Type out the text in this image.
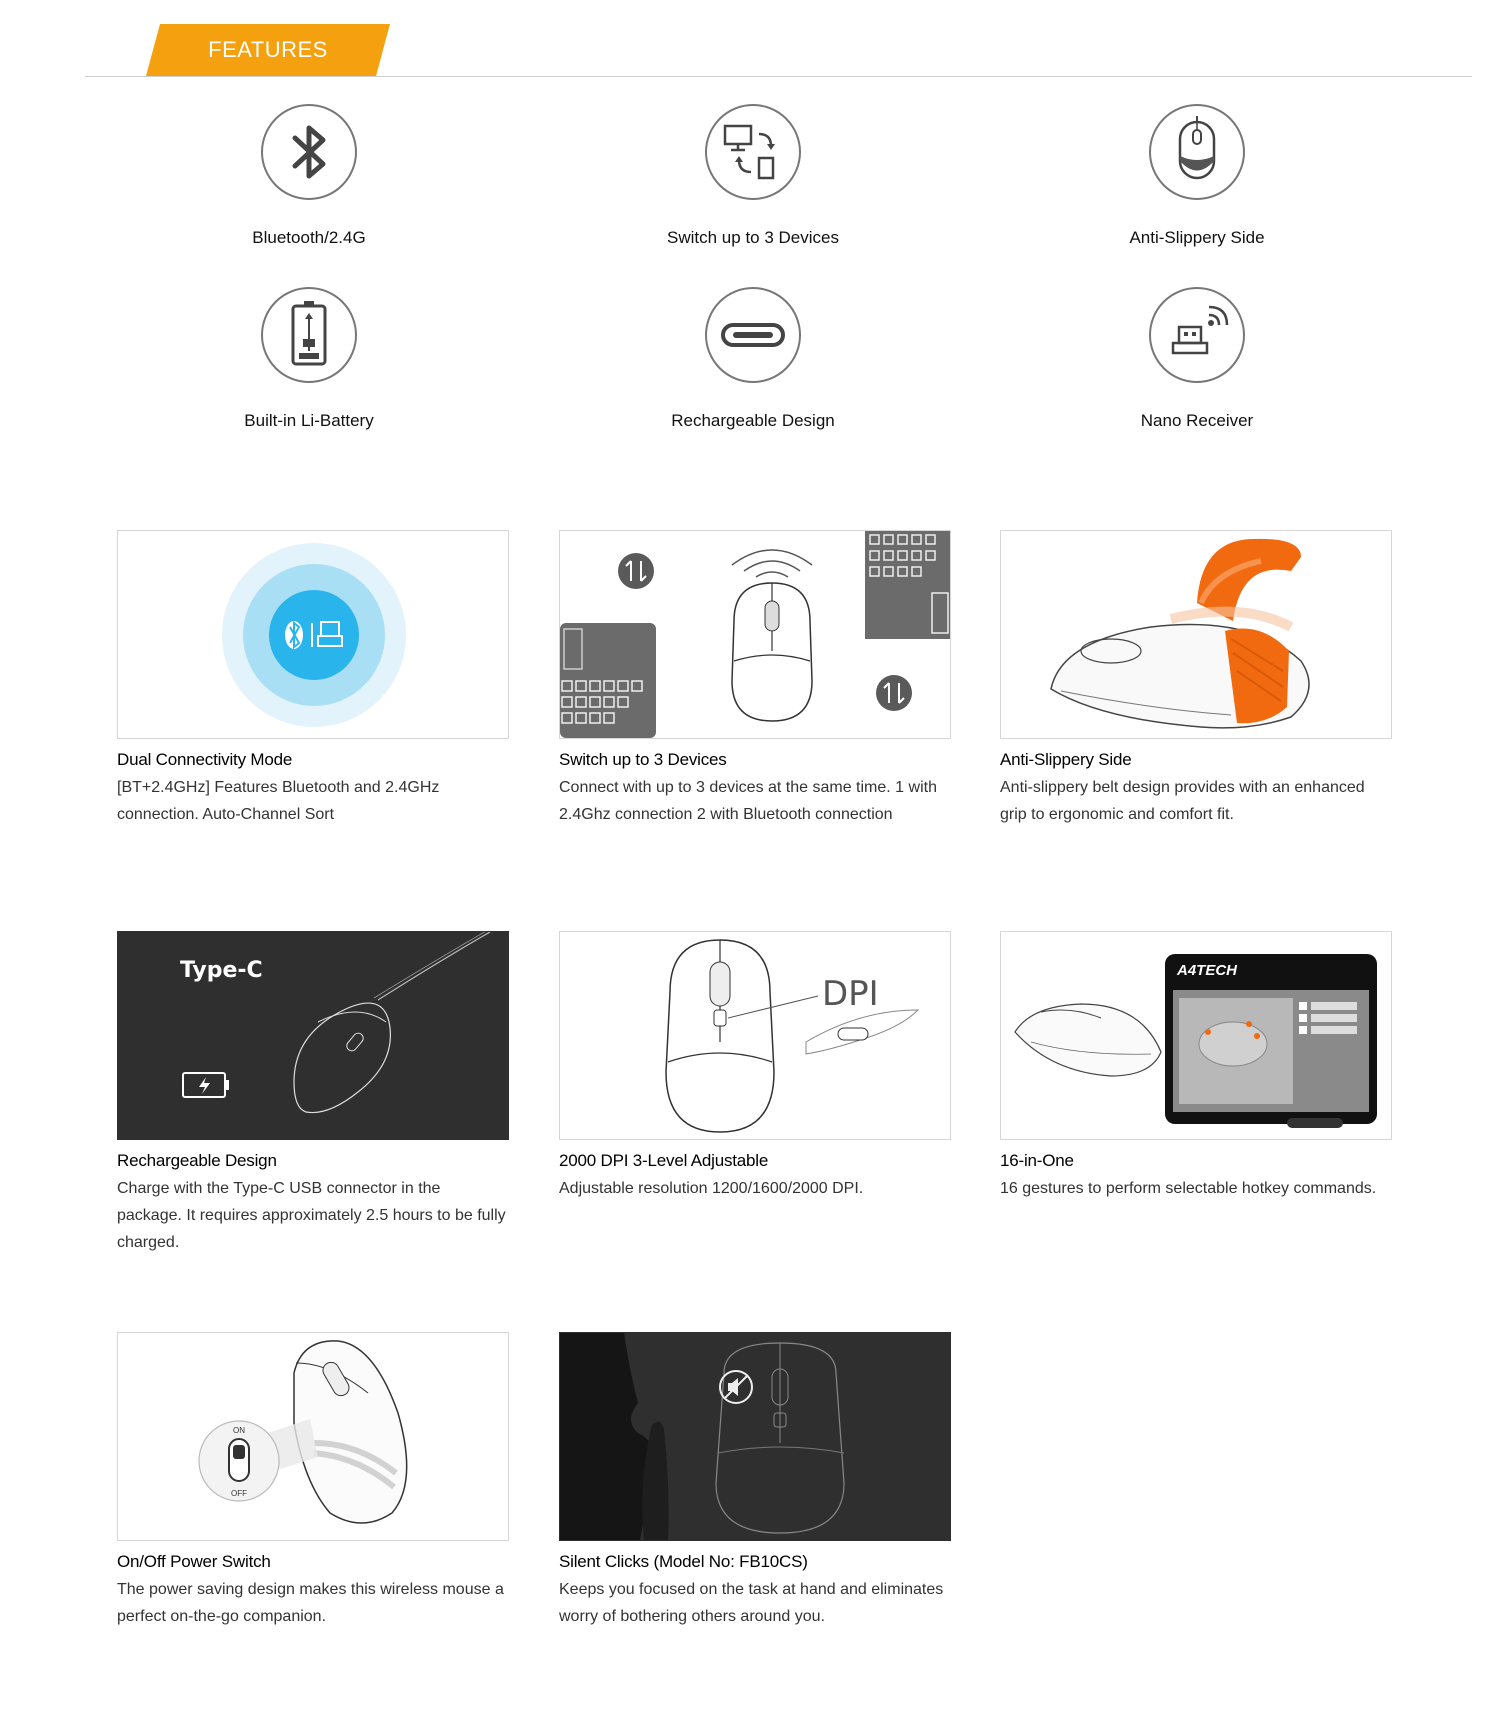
FEATURES
Bluetooth/2.4G	Switch up to 3 Devices	Anti-Slippery Side
Built-in Li-Battery	Rechargeable Design	Nano Receiver
Dual Connectivity Mode
[BT+2.4GHz] Features Bluetooth and 2.4GHz connection. Auto-Channel Sort
Switch up to 3 Devices
Connect with up to 3 devices at the same time. 1 with 2.4Ghz connection 2 with Bluetooth connection
Anti-Slippery Side
Anti-slippery belt design provides with an enhanced grip to ergonomic and comfort fit.
Type-C
Rechargeable Design
Charge with the Type-C USB connector in the package. It requires approximately 2.5 hours to be fully charged.
DPI
2000 DPI 3-Level Adjustable
Adjustable resolution 1200/1600/2000 DPI.
A4TECH
16-in-One
16 gestures to perform selectable hotkey commands.
ON
OFF
On/Off Power Switch
The power saving design makes this wireless mouse a perfect on-the-go companion.
Silent Clicks (Model No: FB10CS)
Keeps you focused on the task at hand and eliminates worry of bothering others around you.
